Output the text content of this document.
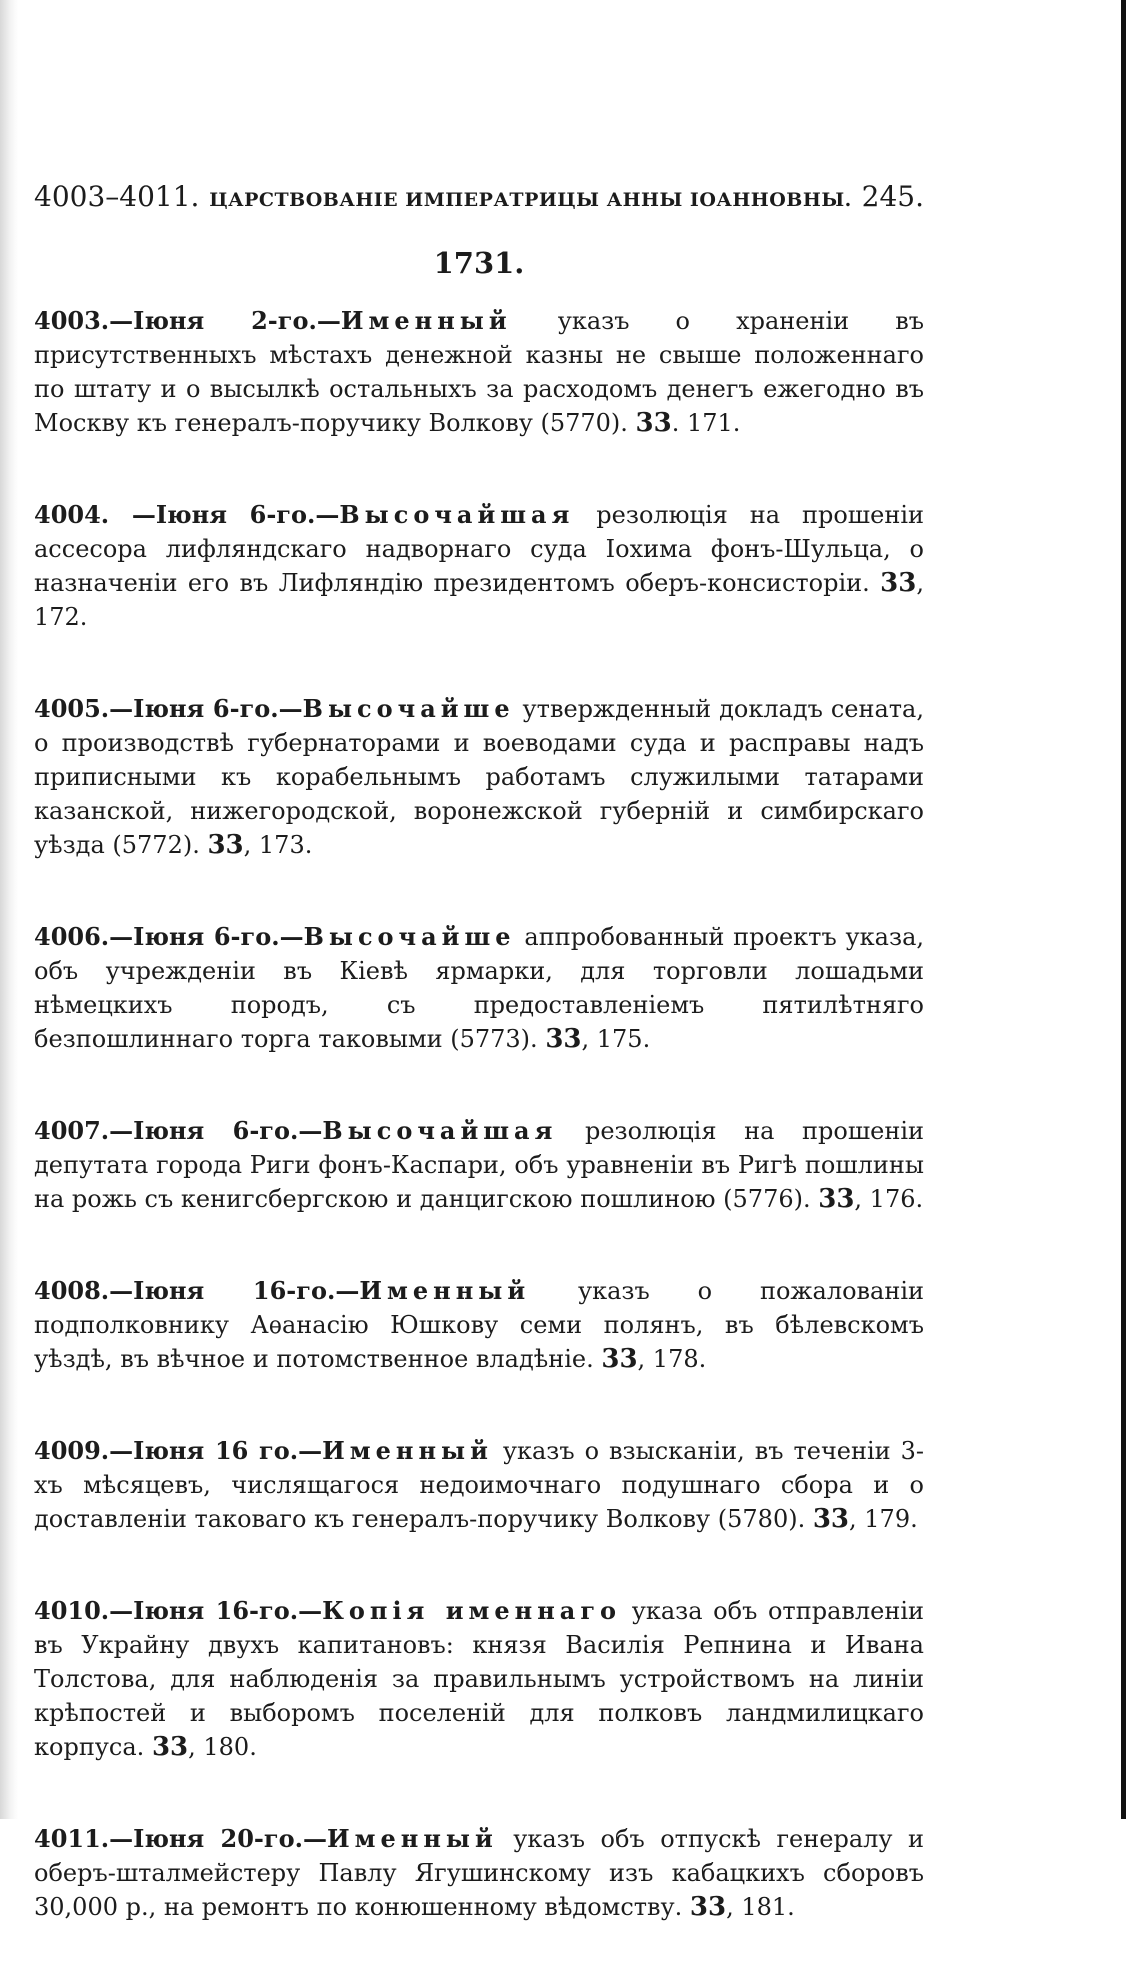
4003–4011. ЦАРСТВОВАНІЕ ИМПЕРАТРИЦЫ АННЫ ІОАННОВНЫ. 245.
1731.

4003.—Іюня 2-го.—Именный указъ о храненіи въ присутственныхъ мѣстахъ денежной казны не свыше положеннаго по штату и о высылкѣ остальныхъ за расходомъ денегъ ежегодно въ Москву къ генералъ-поручику Волкову (5770). 33. 171.

4004. —Іюня 6-го.—Высочайшая резолюція на прошеніи ассесора лифляндскаго надворнаго суда Іохима фонъ-Шульца, о назначеніи его въ Лифляндію президентомъ оберъ-консисторіи. 33, 172.

4005.—Іюня 6-го.—Высочайше утвержденный докладъ сената, о производствѣ губернаторами и воеводами суда и расправы надъ приписными къ корабельнымъ работамъ служилыми татарами казанской, нижегородской, воронежской губерній и симбирскаго уѣзда (5772). 33, 173.

4006.—Іюня 6-го.—Высочайше аппробованный проектъ указа, объ учрежденіи въ Кіевѣ ярмарки, для торговли лошадьми нѣмецкихъ породъ, съ предоставленіемъ пятилѣтняго безпошлиннаго торга таковыми (5773). 33, 175.

4007.—Іюня 6-го.—Высочайшая резолюція на прошеніи депутата города Риги фонъ-Каспари, объ уравненіи въ Ригѣ пошлины на рожь съ кенигсбергскою и данцигскою пошлиною (5776). 33, 176.

4008.—Іюня 16-го.—Именный указъ о пожалованіи подполковнику Аѳанасію Юшкову семи полянъ, въ бѣлевскомъ уѣздѣ, въ вѣчное и потомственное владѣніе. 33, 178.

4009.—Іюня 16 го.—Именный указъ о взысканіи, въ теченіи 3-хъ мѣсяцевъ, числящагося недоимочнаго подушнаго сбора и о доставленіи таковаго къ генералъ-поручику Волкову (5780). 33, 179.

4010.—Іюня 16-го.—Копія именнаго указа объ отправленіи въ Украйну двухъ капитановъ: князя Василія Репнина и Ивана Толстова, для наблюденія за правильнымъ устройствомъ на линіи крѣпостей и выборомъ поселеній для полковъ ландмилицкаго корпуса. 33, 180.

4011.—Іюня 20-го.—Именный указъ объ отпускѣ генералу и оберъ-шталмейстеру Павлу Ягушинскому изъ кабацкихъ сборовъ 30,000 р., на ремонтъ по конюшенному вѣдомству. 33, 181.
